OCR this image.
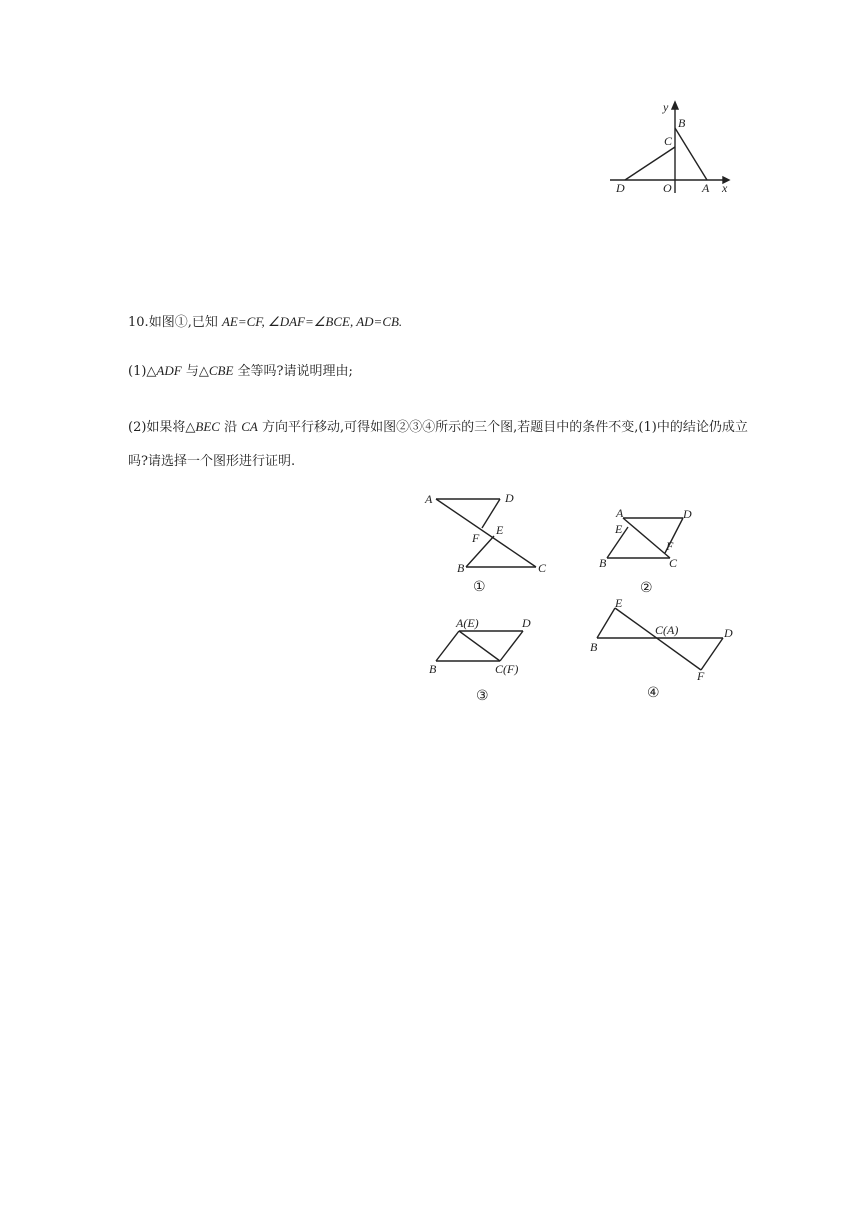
y
B
C
D	O	A x
10.如图①,已知 AE=CF, ∠DAF=∠BCE, AD=CB.
(1)△ADF 与△CBE 全等吗?请说明理由;
(2)如果将△BEC 沿 CA 方向平行移动,可得如图②③④所示的三个图,若题目中的条件不变,(1)中的结论仍成立吗?请选择一个图形进行证明.
A	D
E
F
B	C
①
A	D
E
F
B	C
②
A(E)	D
B	C(F)
③
E
C(A)	D
B
F
④
